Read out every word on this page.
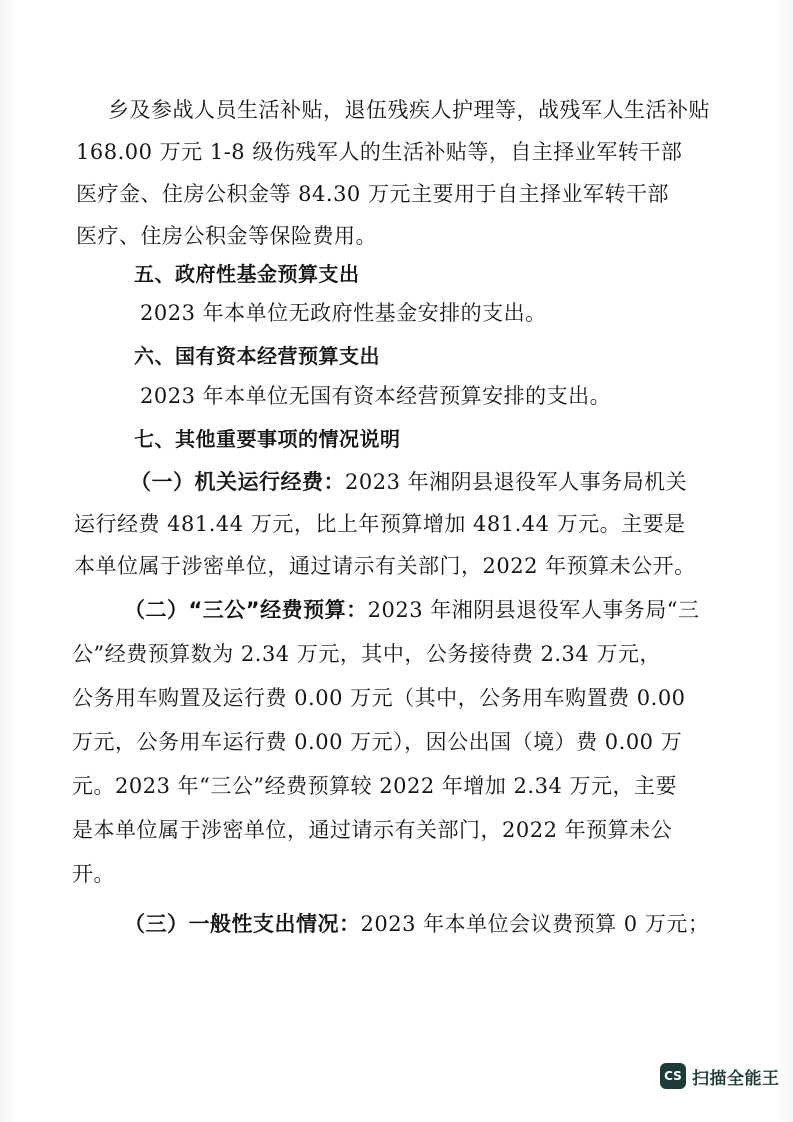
乡及参战人员生活补贴，退伍残疾人护理等，战残军人生活补贴
168.00 万元 1-8 级伤残军人的生活补贴等，自主择业军转干部
医疗金、住房公积金等 84.30 万元主要用于自主择业军转干部
医疗、住房公积金等保险费用。
五、政府性基金预算支出
2023 年本单位无政府性基金安排的支出。
六、国有资本经营预算支出
2023 年本单位无国有资本经营预算安排的支出。
七、其他重要事项的情况说明
（一）机关运行经费：2023 年湘阴县退役军人事务局机关
运行经费 481.44 万元，比上年预算增加 481.44 万元。主要是
本单位属于涉密单位，通过请示有关部门，2022 年预算未公开。
（二）“三公”经费预算：2023 年湘阴县退役军人事务局“三
公”经费预算数为 2.34 万元，其中，公务接待费 2.34 万元，
公务用车购置及运行费 0.00 万元（其中，公务用车购置费 0.00
万元，公务用车运行费 0.00 万元），因公出国（境）费 0.00 万
元。2023 年“三公”经费预算较 2022 年增加 2.34 万元，主要
是本单位属于涉密单位，通过请示有关部门，2022 年预算未公
开。
（三）一般性支出情况：2023 年本单位会议费预算 0 万元；
CS 扫描全能王
